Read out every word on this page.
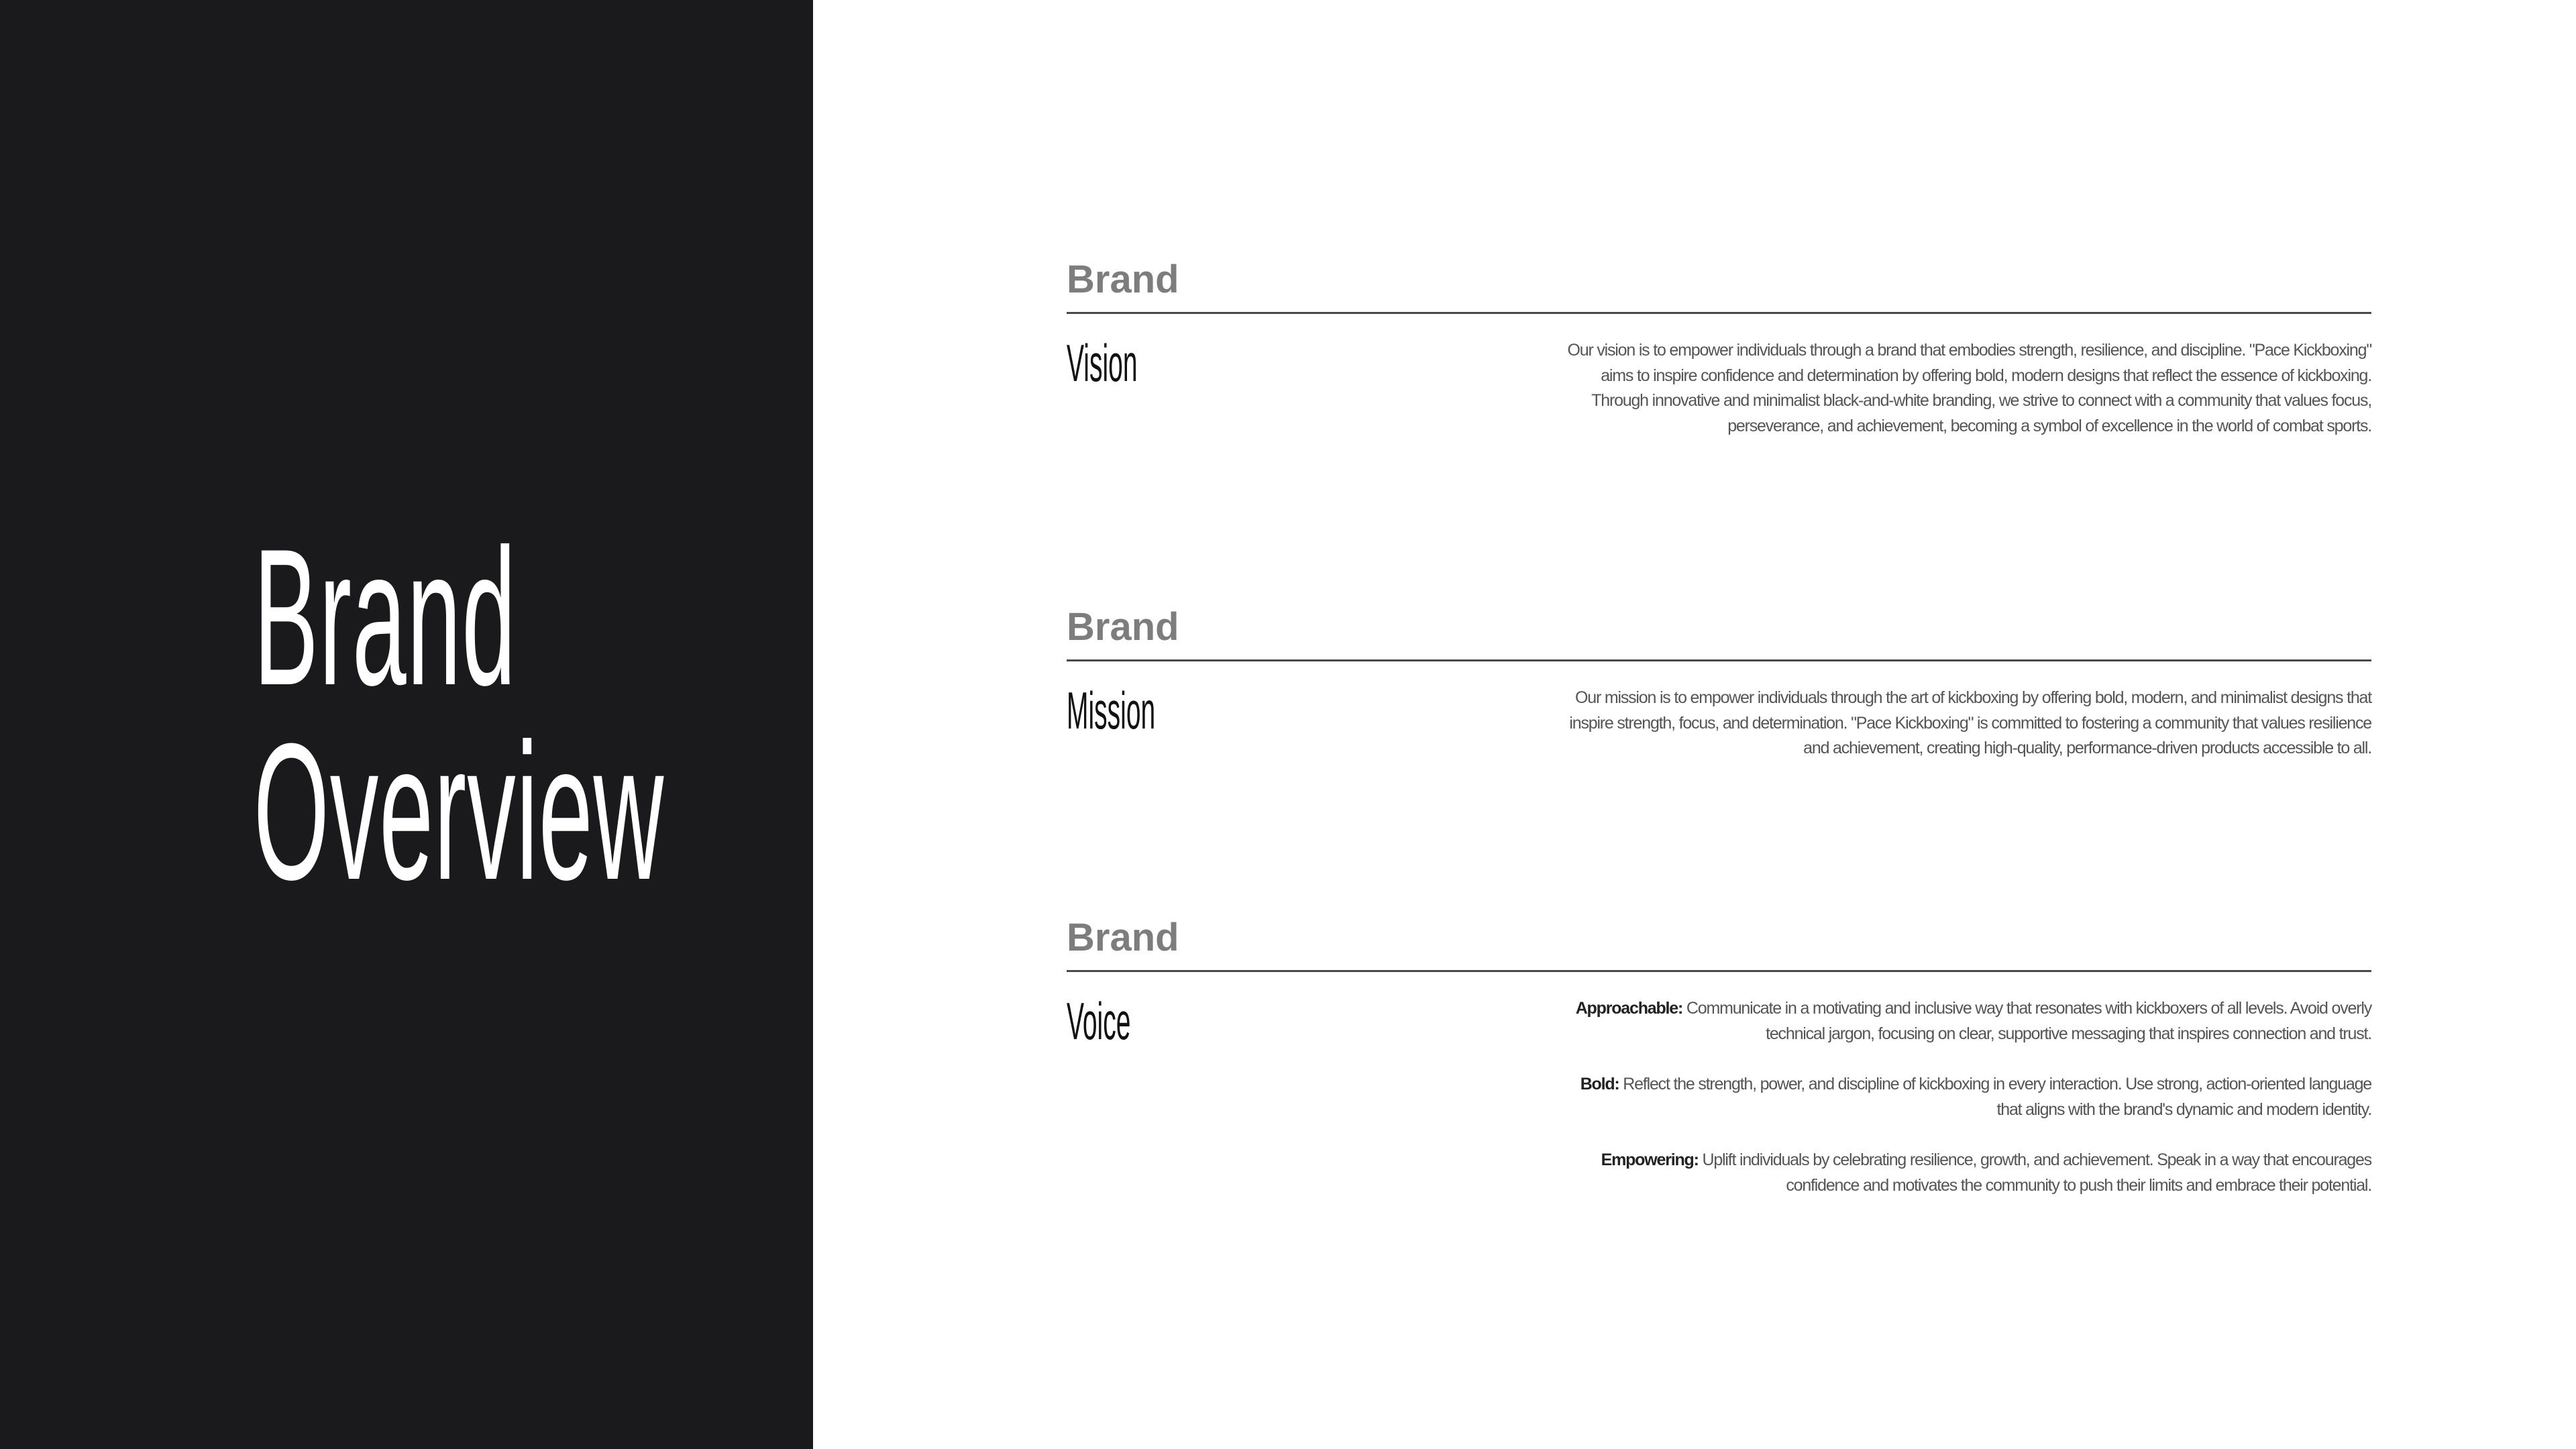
Brand
Overview
Brand
Vision	Our vision is to empower individuals through a brand that embodies strength, resilience, and discipline. "Pace Kickboxing" aims to inspire confidence and determination by offering bold, modern designs that reflect the essence of kickboxing. Through innovative and minimalist black-and-white branding, we strive to connect with a community that values focus, perseverance, and achievement, becoming a symbol of excellence in the world of combat sports.

Brand
Mission	Our mission is to empower individuals through the art of kickboxing by offering bold, modern, and minimalist designs that inspire strength, focus, and determination. "Pace Kickboxing" is committed to fostering a community that values resilience and achievement, creating high-quality, performance-driven products accessible to all.

Brand
Voice	Approachable: Communicate in a motivating and inclusive way that resonates with kickboxers of all levels. Avoid overly technical jargon, focusing on clear, supportive messaging that inspires connection and trust.

Bold: Reflect the strength, power, and discipline of kickboxing in every interaction. Use strong, action-oriented language that aligns with the brand's dynamic and modern identity.

Empowering: Uplift individuals by celebrating resilience, growth, and achievement. Speak in a way that encourages confidence and motivates the community to push their limits and embrace their potential.
